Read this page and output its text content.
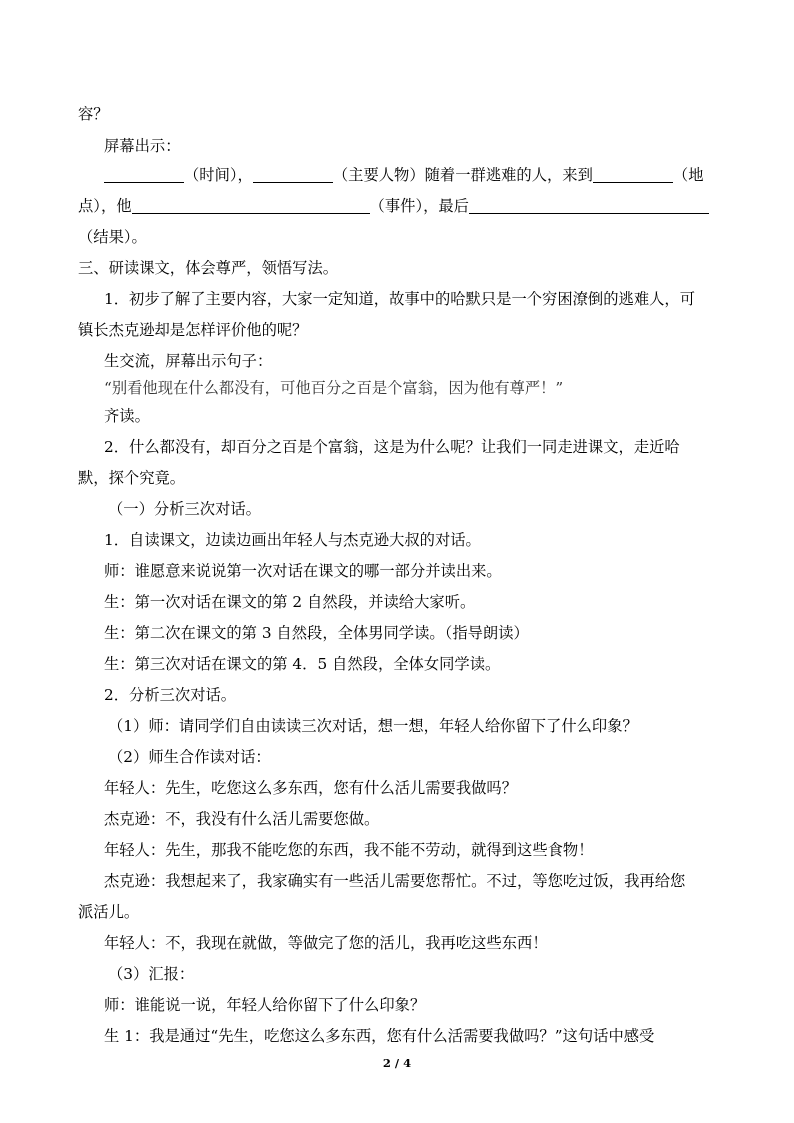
容？
屏幕出示：
（时间），	（主要人物）随着一群逃难的人，来到	（地
点），他	（事件），最后
（结果）。
三、研读课文，体会尊严，领悟写法。
1．初步了解了主要内容，大家一定知道，故事中的哈默只是一个穷困潦倒的逃难人，可
镇长杰克逊却是怎样评价他的呢？
生交流，屏幕出示句子：
“别看他现在什么都没有，可他百分之百是个富翁，因为他有尊严！”
齐读。
2．什么都没有，却百分之百是个富翁，这是为什么呢？让我们一同走进课文，走近哈
默，探个究竟。
（一）分析三次对话。
1．自读课文，边读边画出年轻人与杰克逊大叔的对话。
师：谁愿意来说说第一次对话在课文的哪一部分并读出来。
生：第一次对话在课文的第 2 自然段，并读给大家听。
生：第二次在课文的第 3 自然段，全体男同学读。（指导朗读）
生：第三次对话在课文的第 4．5 自然段，全体女同学读。
2．分析三次对话。
（1）师：请同学们自由读读三次对话，想一想，年轻人给你留下了什么印象？
（2）师生合作读对话：
年轻人：先生，吃您这么多东西，您有什么活儿需要我做吗？
杰克逊：不，我没有什么活儿需要您做。
年轻人：先生，那我不能吃您的东西，我不能不劳动，就得到这些食物！
杰克逊：我想起来了，我家确实有一些活儿需要您帮忙。不过，等您吃过饭，我再给您
派活儿。
年轻人：不，我现在就做，等做完了您的活儿，我再吃这些东西！
（3）汇报：
师：谁能说一说，年轻人给你留下了什么印象？
生 1：我是通过“先生，吃您这么多东西，您有什么活需要我做吗？”这句话中感受
2 / 4
